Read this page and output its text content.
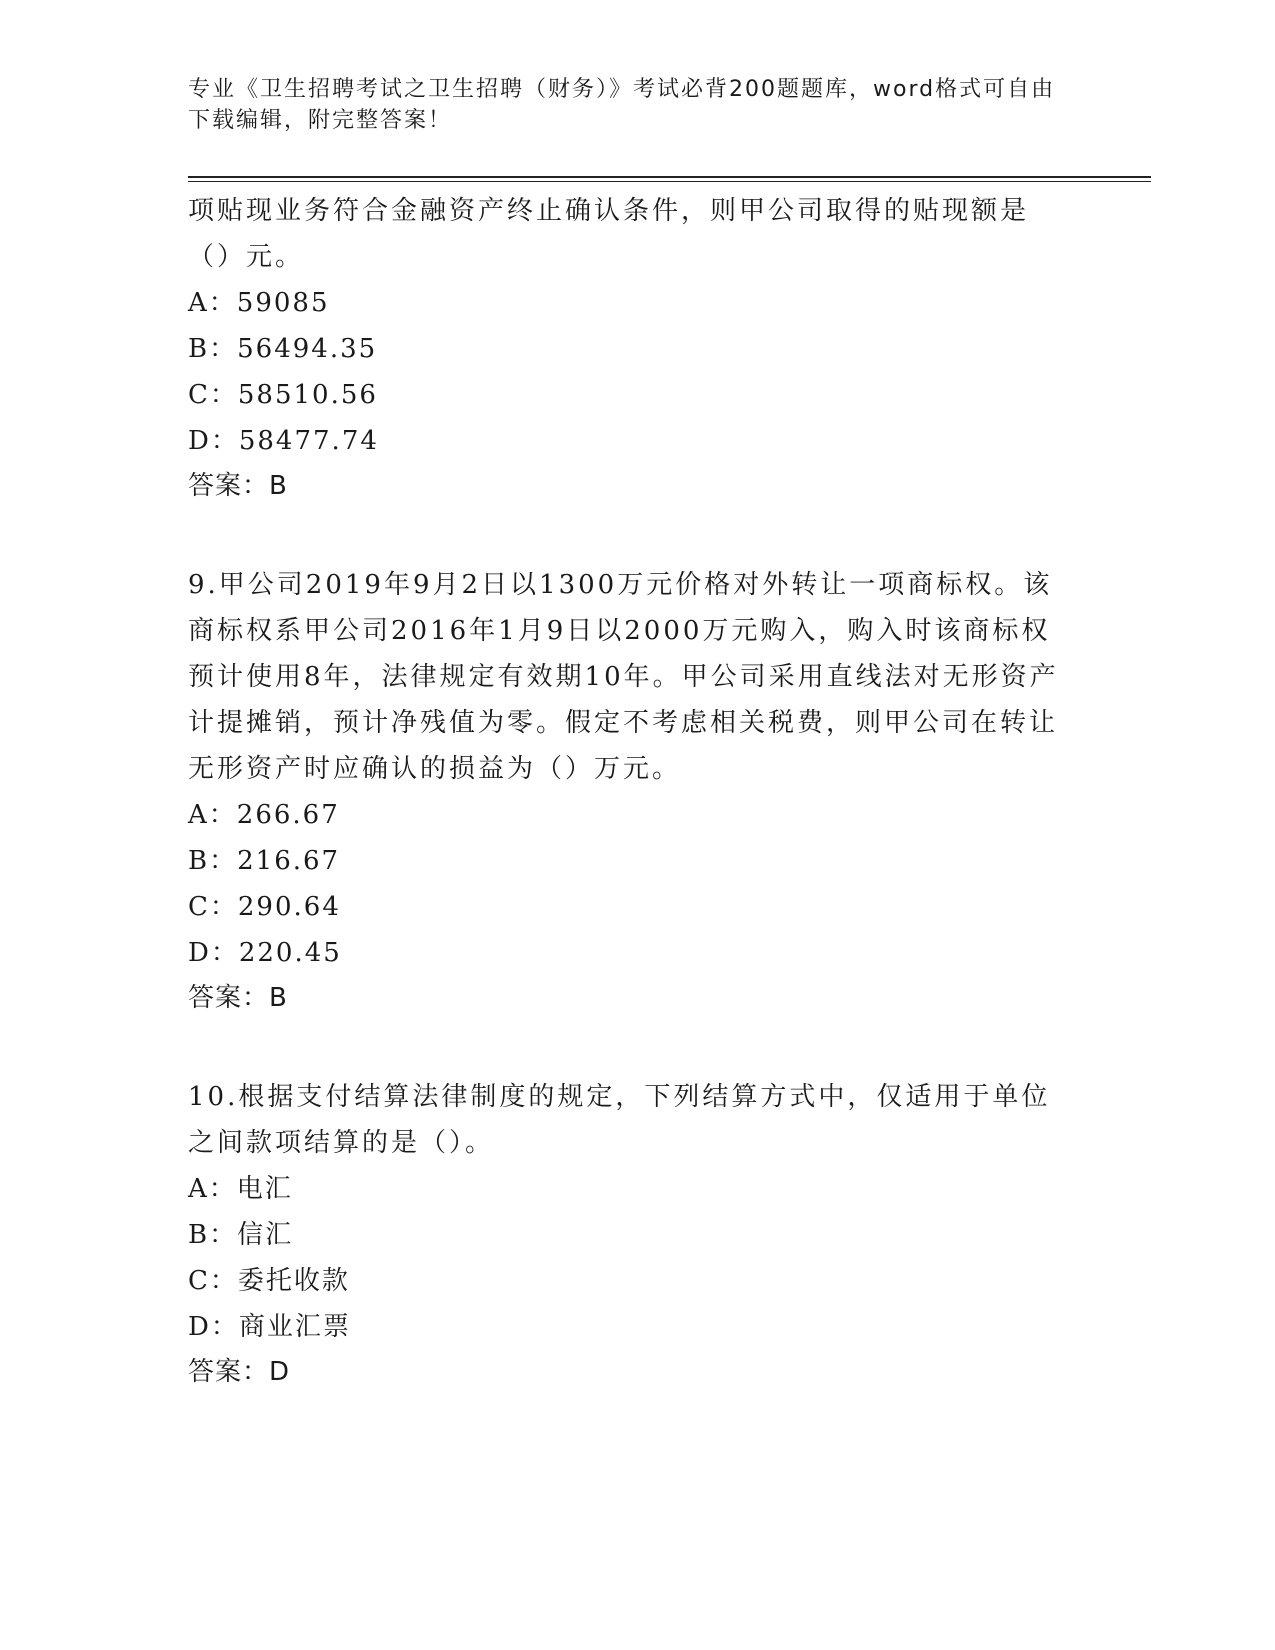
专业《卫生招聘考试之卫生招聘（财务）》考试必背200题题库，word格式可自由下载编辑，附完整答案！

项贴现业务符合金融资产终止确认条件，则甲公司取得的贴现额是（）元。

A：59085

B：56494.35

C：58510.56

D：58477.74

答案：B

9.甲公司2019年9月2日以1300万元价格对外转让一项商标权。该商标权系甲公司2016年1月9日以2000万元购入，购入时该商标权预计使用8年，法律规定有效期10年。甲公司采用直线法对无形资产计提摊销，预计净残值为零。假定不考虑相关税费，则甲公司在转让无形资产时应确认的损益为（）万元。

A：266.67

B：216.67

C：290.64

D：220.45

答案：B

10.根据支付结算法律制度的规定，下列结算方式中，仅适用于单位之间款项结算的是（）。

A：电汇

B：信汇

C：委托收款

D：商业汇票

答案：D
